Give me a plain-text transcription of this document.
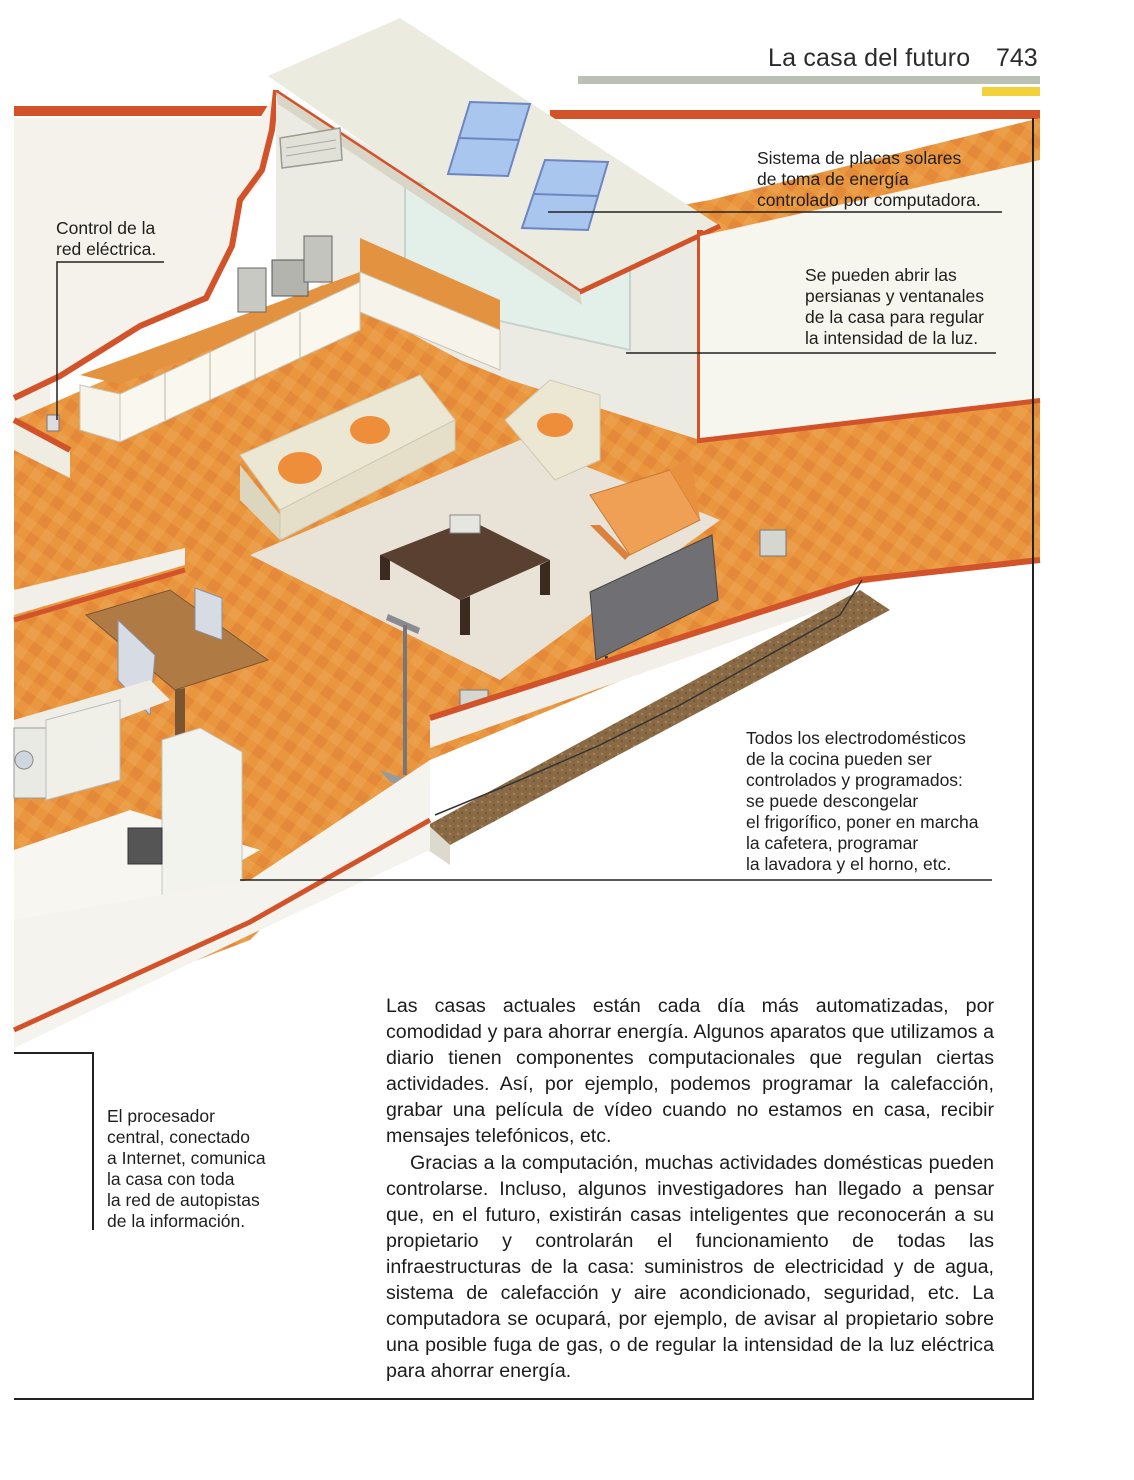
La casa del futuro 743
Sistema de placas solares
de toma de energía
controlado por computadora.
Control de la
red eléctrica.
Se pueden abrir las
persianas y ventanales
de la casa para regular
la intensidad de la luz.
Todos los electrodomésticos
de la cocina pueden ser
controlados y programados:
se puede descongelar
el frigorífico, poner en marcha
la cafetera, programar
la lavadora y el horno, etc.
El procesador
central, conectado
a Internet, comunica
la casa con toda
la red de autopistas
de la información.

Las casas actuales están cada día más automatizadas, por comodidad y para ahorrar energía. Algunos aparatos que utilizamos a diario tienen componentes computacionales que regulan ciertas actividades. Así, por ejemplo, podemos programar la calefacción, grabar una película de vídeo cuando no estamos en casa, recibir mensajes telefónicos, etc.

Gracias a la computación, muchas actividades domésticas pueden controlarse. Incluso, algunos investigadores han llegado a pensar que, en el futuro, existirán casas inteligentes que reconocerán a su propietario y controlarán el funcionamiento de todas las infraestructuras de la casa: suministros de electricidad y de agua, sistema de calefacción y aire acondicionado, seguridad, etc. La computadora se ocupará, por ejemplo, de avisar al propietario sobre una posible fuga de gas, o de regular la intensidad de la luz eléctrica para ahorrar energía.
